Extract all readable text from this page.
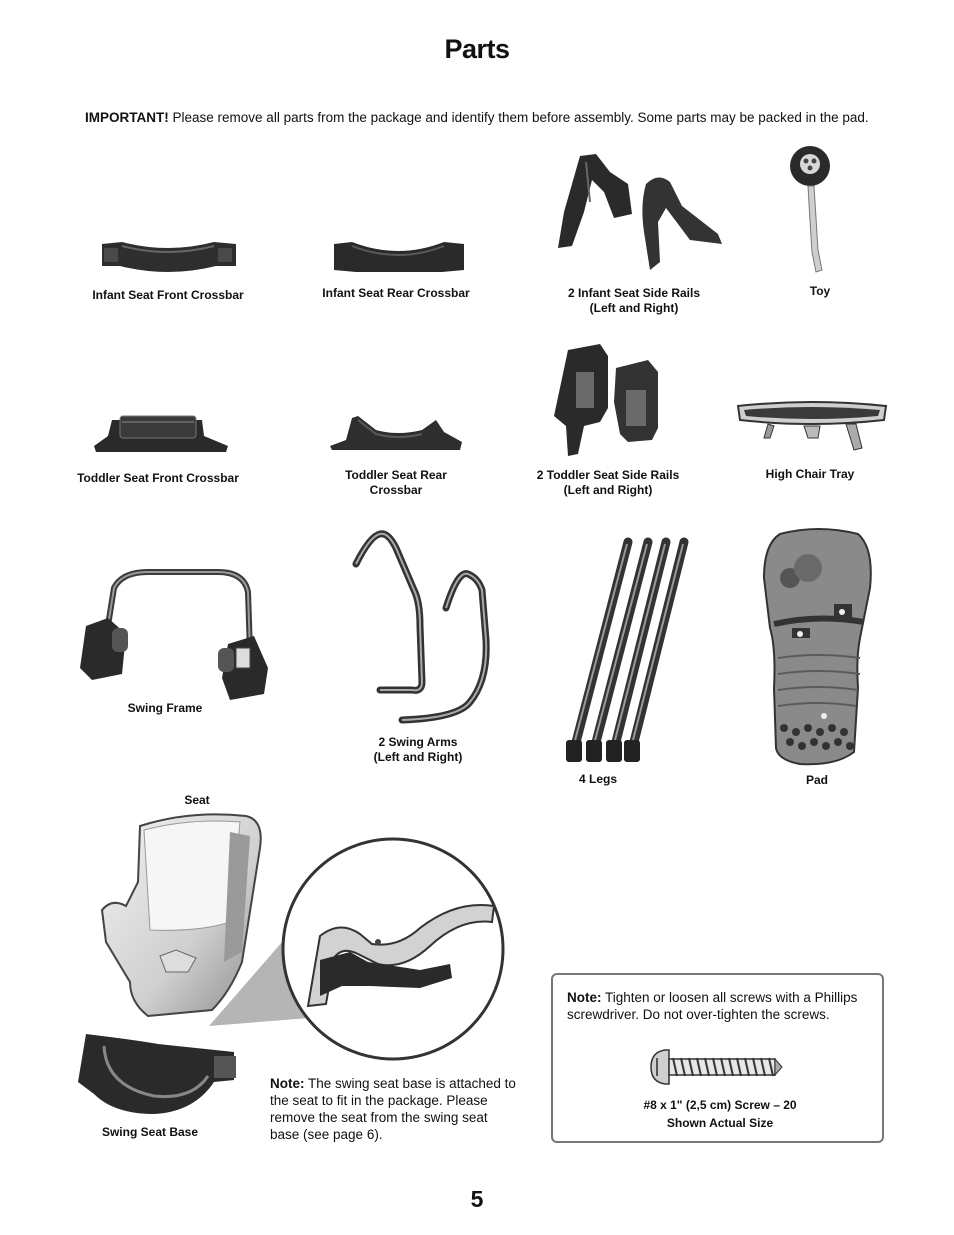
Parts
IMPORTANT! Please remove all parts from the package and identify them before assembly. Some parts may be packed in the pad.
Infant Seat Front Crossbar	Infant Seat Rear Crossbar	2 Infant Seat Side Rails
(Left and Right)
Toy
Toddler Seat Front Crossbar	Toddler Seat Rear
Crossbar
2 Toddler Seat Side Rails
(Left and Right)
High Chair Tray
Swing Frame
2 Swing Arms
(Left and Right)
4 Legs	Pad
Seat
Swing Seat Base
Note: The swing seat base is attached to the seat to fit in the package. Please remove the seat from the swing seat base (see page 6).
Note: Tighten or loosen all screws with a Phillips screwdriver. Do not over-tighten the screws.
#8 x 1" (2,5 cm) Screw – 20
Shown Actual Size
5
